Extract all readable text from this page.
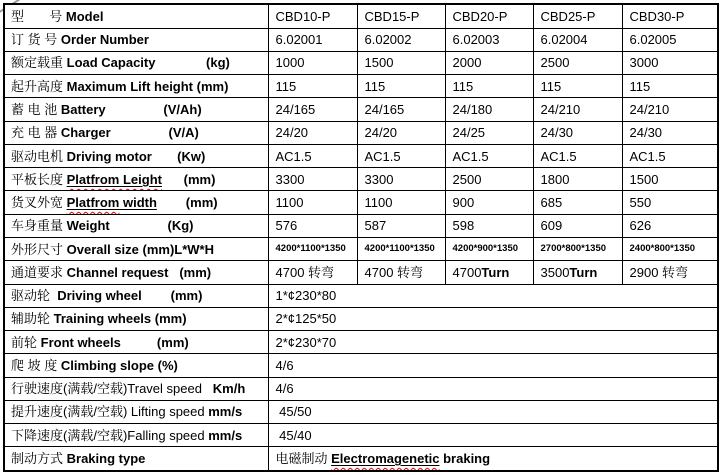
型       号 Model	CBD10-P	CBD15-P	CBD20-P	CBD25-P	CBD30-P
订 货 号 Order Number	6.02001	6.02002	6.02003	6.02004	6.02005
额定载重 Load Capacity              (kg)	1000	1500	2000	2500	3000
起升高度 Maximum Lift height (mm)	115	115	115	115	115
蓄 电 池 Battery                (V/Ah)	24/165	24/165	24/180	24/210	24/210
充 电 器 Charger                (V/A)	24/20	24/20	24/25	24/30	24/30
驱动电机 Driving motor       (Kw)	AC1.5	AC1.5	AC1.5	AC1.5	AC1.5
平板长度 Platfrom Leight      (mm)	3300	3300	2500	1800	1500
货叉外宽 Platfrom width        (mm)	1100	1100	900	685	550
车身重量 Weight                (Kg)	576	587	598	609	626
外形尺寸 Overall size (mm)L*W*H	4200*1100*1350	4200*1100*1350	4200*900*1350	2700*800*1350	2400*800*1350
通道要求 Channel request   (mm)	4700 转弯	4700 转弯	4700Turn	3500Turn	2900 转弯
驱动轮  Driving wheel        (mm)	1*¢230*80				
辅助轮 Training wheels (mm)	2*¢125*50				
前轮 Front wheels          (mm)	2*¢230*70				
爬 坡 度 Climbing slope (%)	4/6				
行驶速度(满载/空载)Travel speed   Km/h	4/6				
提升速度(满载/空载) Lifting speed mm/s	45/50				
下降速度(满载/空载)Falling speed mm/s	45/40				
制动方式 Braking type	电磁制动 Electromagenetic braking				
